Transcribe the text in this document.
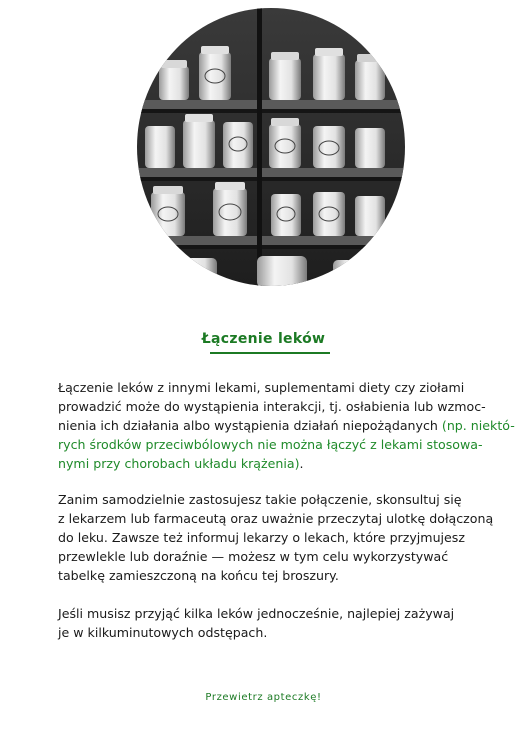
Łączenie leków

Łączenie leków z innymi lekami, suplementami diety czy ziołami
prowadzić może do wystąpienia interakcji, tj. osłabienia lub wzmoc-
nienia ich działania albo wystąpienia działań niepożądanych (np. niektó-
rych środków przeciwbólowych nie można łączyć z lekami stosowa-
nymi przy chorobach układu krążenia).

Zanim samodzielnie zastosujesz takie połączenie, skonsultuj się
z lekarzem lub farmaceutą oraz uważnie przeczytaj ulotkę dołączoną
do leku. Zawsze też informuj lekarzy o lekach, które przyjmujesz
przewlekle lub doraźnie — możesz w tym celu wykorzystywać
tabelkę zamieszczoną na końcu tej broszury.

Jeśli musisz przyjąć kilka leków jednocześnie, najlepiej zażywaj
je w kilkuminutowych odstępach.

Przewietrz apteczkę!
